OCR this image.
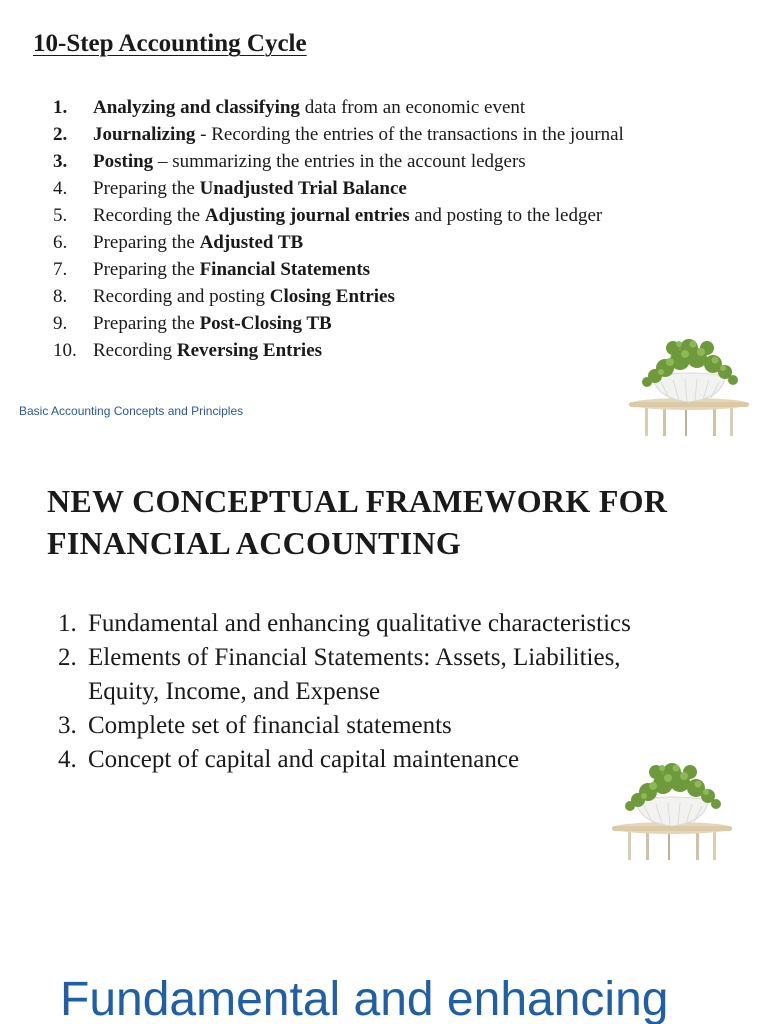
10-Step Accounting Cycle
1. Analyzing and classifying data from an economic event
2. Journalizing - Recording the entries of the transactions in the journal
3. Posting – summarizing the entries in the account ledgers
4. Preparing the Unadjusted Trial Balance
5. Recording the Adjusting journal entries and posting to the ledger
6. Preparing the Adjusted TB
7. Preparing the Financial Statements
8. Recording and posting Closing Entries
9. Preparing the Post-Closing TB
10. Recording Reversing Entries

Basic Accounting Concepts and Principles

NEW CONCEPTUAL FRAMEWORK FOR
FINANCIAL ACCOUNTING
1. Fundamental and enhancing qualitative characteristics
2. Elements of Financial Statements: Assets, Liabilities, Equity, Income, and Expense
3. Complete set of financial statements
4. Concept of capital and capital maintenance
Fundamental and enhancing
